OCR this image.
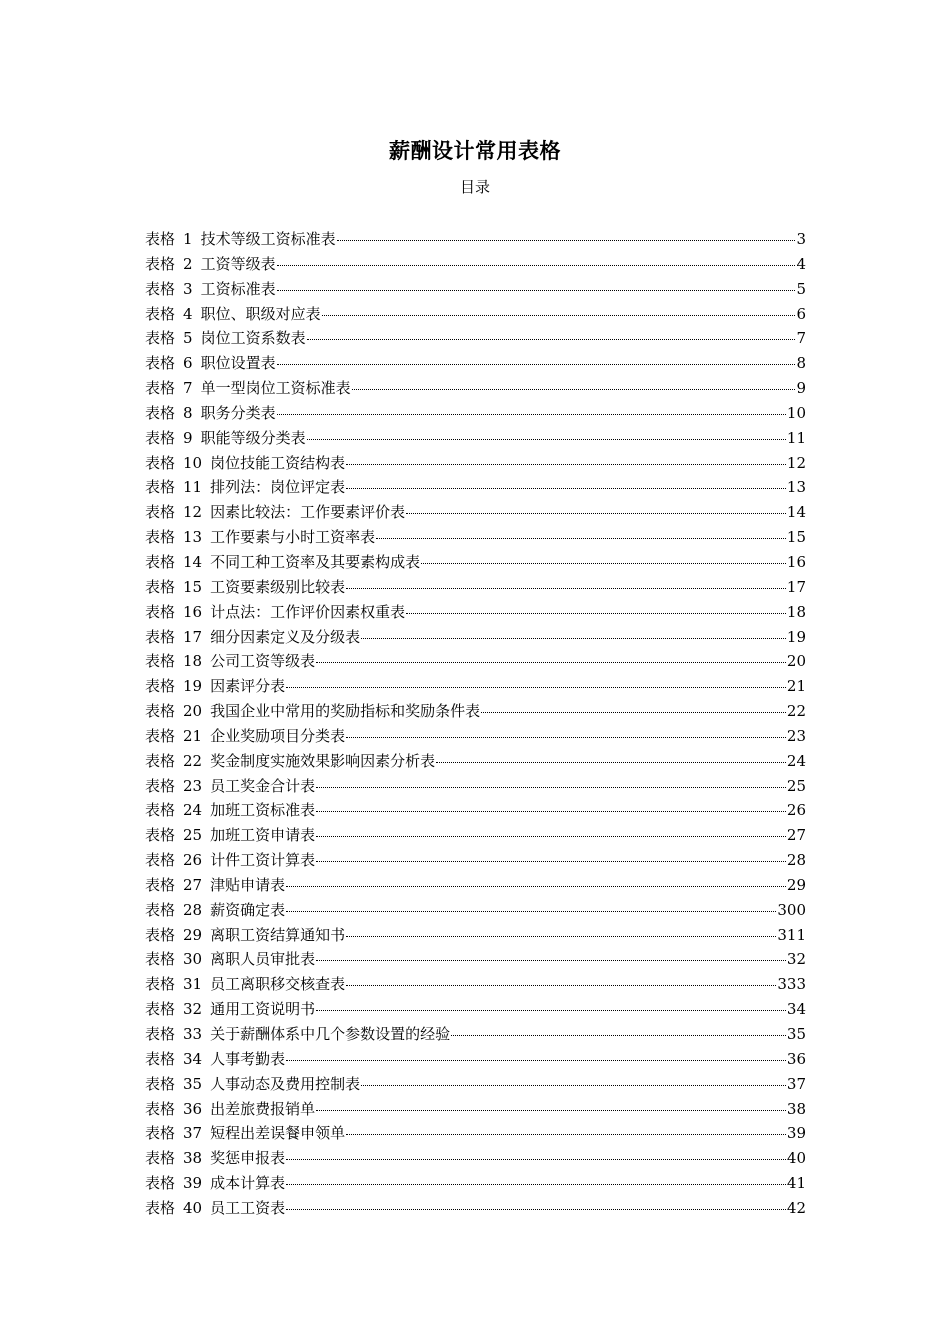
薪酬设计常用表格
目录
表格 1 技术等级工资标准表	3
表格 2 工资等级表	4
表格 3 工资标准表	5
表格 4 职位、职级对应表	6
表格 5 岗位工资系数表	7
表格 6 职位设置表	8
表格 7 单一型岗位工资标准表	9
表格 8 职务分类表	10
表格 9 职能等级分类表	11
表格 10 岗位技能工资结构表	12
表格 11 排列法：岗位评定表	13
表格 12 因素比较法：工作要素评价表	14
表格 13 工作要素与小时工资率表	15
表格 14 不同工种工资率及其要素构成表	16
表格 15 工资要素级别比较表	17
表格 16 计点法：工作评价因素权重表	18
表格 17 细分因素定义及分级表	19
表格 18 公司工资等级表	20
表格 19 因素评分表	21
表格 20 我国企业中常用的奖励指标和奖励条件表	22
表格 21 企业奖励项目分类表	23
表格 22 奖金制度实施效果影响因素分析表	24
表格 23 员工奖金合计表	25
表格 24 加班工资标准表	26
表格 25 加班工资申请表	27
表格 26 计件工资计算表	28
表格 27 津贴申请表	29
表格 28 薪资确定表	300
表格 29 离职工资结算通知书	311
表格 30 离职人员审批表	32
表格 31 员工离职移交核查表	333
表格 32 通用工资说明书	34
表格 33 关于薪酬体系中几个参数设置的经验	35
表格 34 人事考勤表	36
表格 35 人事动态及费用控制表	37
表格 36 出差旅费报销单	38
表格 37 短程出差误餐申领单	39
表格 38 奖惩申报表	40
表格 39 成本计算表	41
表格 40 员工工资表	42
